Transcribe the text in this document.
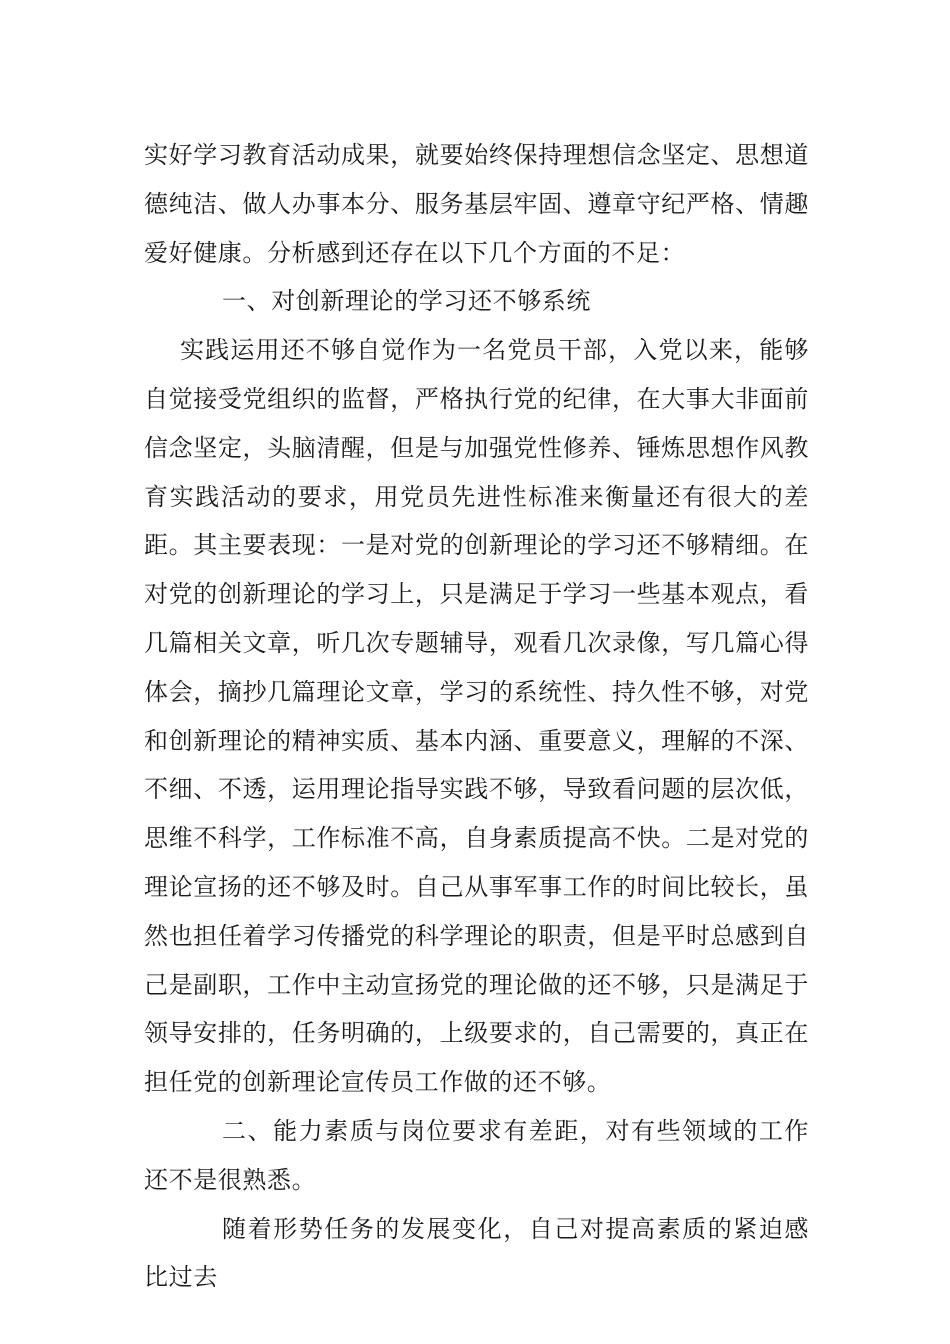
实好学习教育活动成果，就要始终保持理想信念坚定、思想道德纯洁、做人办事本分、服务基层牢固、遵章守纪严格、情趣爱好健康。分析感到还存在以下几个方面的不足：

一、对创新理论的学习还不够系统

实践运用还不够自觉作为一名党员干部，入党以来，能够自觉接受党组织的监督，严格执行党的纪律，在大事大非面前信念坚定，头脑清醒，但是与加强党性修养、锤炼思想作风教育实践活动的要求，用党员先进性标准来衡量还有很大的差距。其主要表现：一是对党的创新理论的学习还不够精细。在对党的创新理论的学习上，只是满足于学习一些基本观点，看几篇相关文章，听几次专题辅导，观看几次录像，写几篇心得体会，摘抄几篇理论文章，学习的系统性、持久性不够，对党和创新理论的精神实质、基本内涵、重要意义，理解的不深、不细、不透，运用理论指导实践不够，导致看问题的层次低，思维不科学，工作标准不高，自身素质提高不快。二是对党的理论宣扬的还不够及时。自己从事军事工作的时间比较长，虽然也担任着学习传播党的科学理论的职责，但是平时总感到自己是副职，工作中主动宣扬党的理论做的还不够，只是满足于领导安排的，任务明确的，上级要求的，自己需要的，真正在担任党的创新理论宣传员工作做的还不够。

二、能力素质与岗位要求有差距，对有些领域的工作还不是很熟悉。

随着形势任务的发展变化，自己对提高素质的紧迫感比过去
